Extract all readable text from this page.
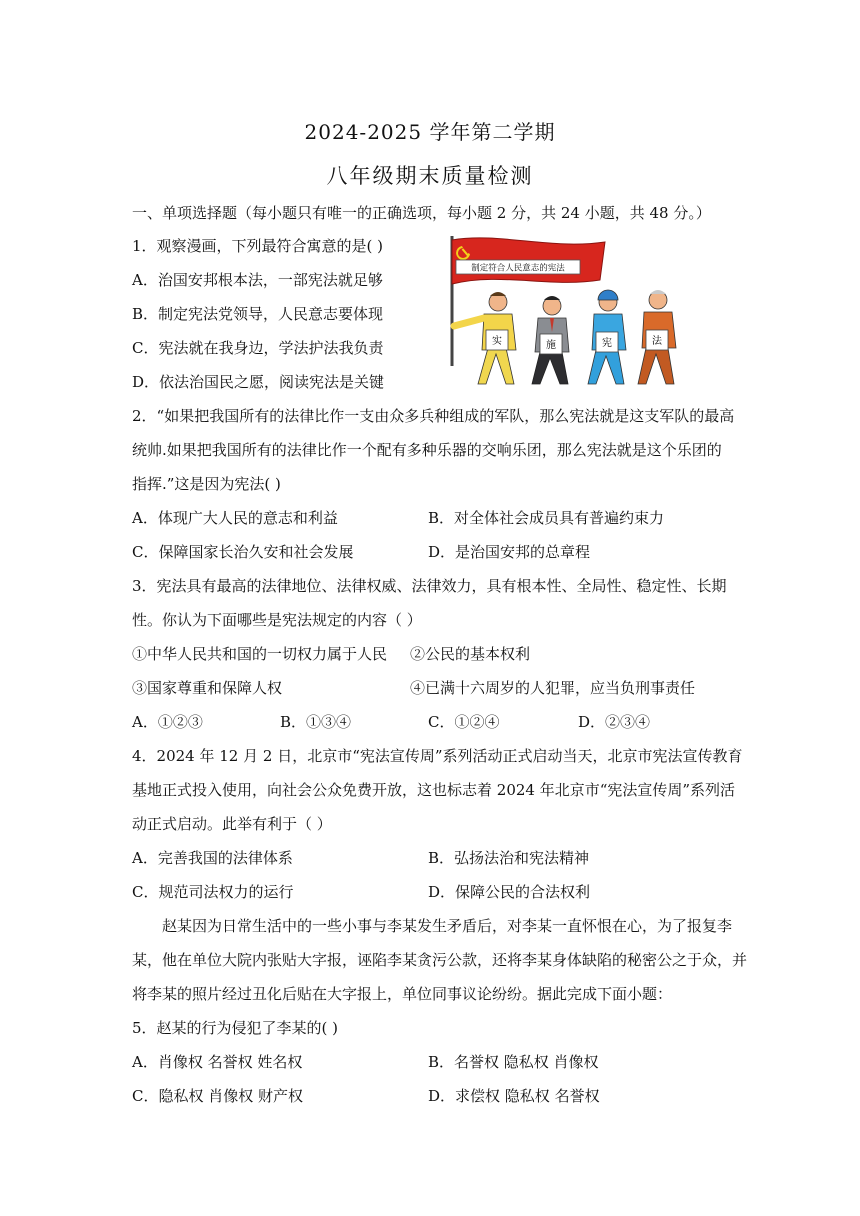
2024-2025 学年第二学期
八年级期末质量检测
一、单项选择题（每小题只有唯一的正确选项，每小题 2 分，共 24 小题，共 48 分。）
1．观察漫画，下列最符合寓意的是( )
A．治国安邦根本法，一部宪法就足够
B．制定宪法党领导，人民意志要体现
C．宪法就在我身边，学法护法我负责
D．依法治国民之愿，阅读宪法是关键
制定符合人民意志的宪法
实	施	宪	法
2．“如果把我国所有的法律比作一支由众多兵种组成的军队，那么宪法就是这支军队的最高
统帅.如果把我国所有的法律比作一个配有多种乐器的交响乐团，那么宪法就是这个乐团的
指挥.”这是因为宪法( )
A．体现广大人民的意志和利益	B．对全体社会成员具有普遍约束力
C．保障国家长治久安和社会发展	D．是治国安邦的总章程
3．宪法具有最高的法律地位、法律权威、法律效力，具有根本性、全局性、稳定性、长期
性。你认为下面哪些是宪法规定的内容（ ）
①中华人民共和国的一切权力属于人民 ②公民的基本权利
③国家尊重和保障人权	④已满十六周岁的人犯罪，应当负刑事责任
A．①②③	B．①③④	C．①②④	D．②③④
4．2024 年 12 月 2 日，北京市“宪法宣传周”系列活动正式启动当天，北京市宪法宣传教育
基地正式投入使用，向社会公众免费开放，这也标志着 2024 年北京市“宪法宣传周”系列活
动正式启动。此举有利于（ ）
A．完善我国的法律体系	B．弘扬法治和宪法精神
C．规范司法权力的运行	D．保障公民的合法权利
赵某因为日常生活中的一些小事与李某发生矛盾后，对李某一直怀恨在心，为了报复李
某，他在单位大院内张贴大字报，诬陷李某贪污公款，还将李某身体缺陷的秘密公之于众，并
将李某的照片经过丑化后贴在大字报上，单位同事议论纷纷。据此完成下面小题：
5．赵某的行为侵犯了李某的( )
A．肖像权 名誉权 姓名权	B．名誉权 隐私权 肖像权
C．隐私权 肖像权 财产权	D．求偿权 隐私权 名誉权
